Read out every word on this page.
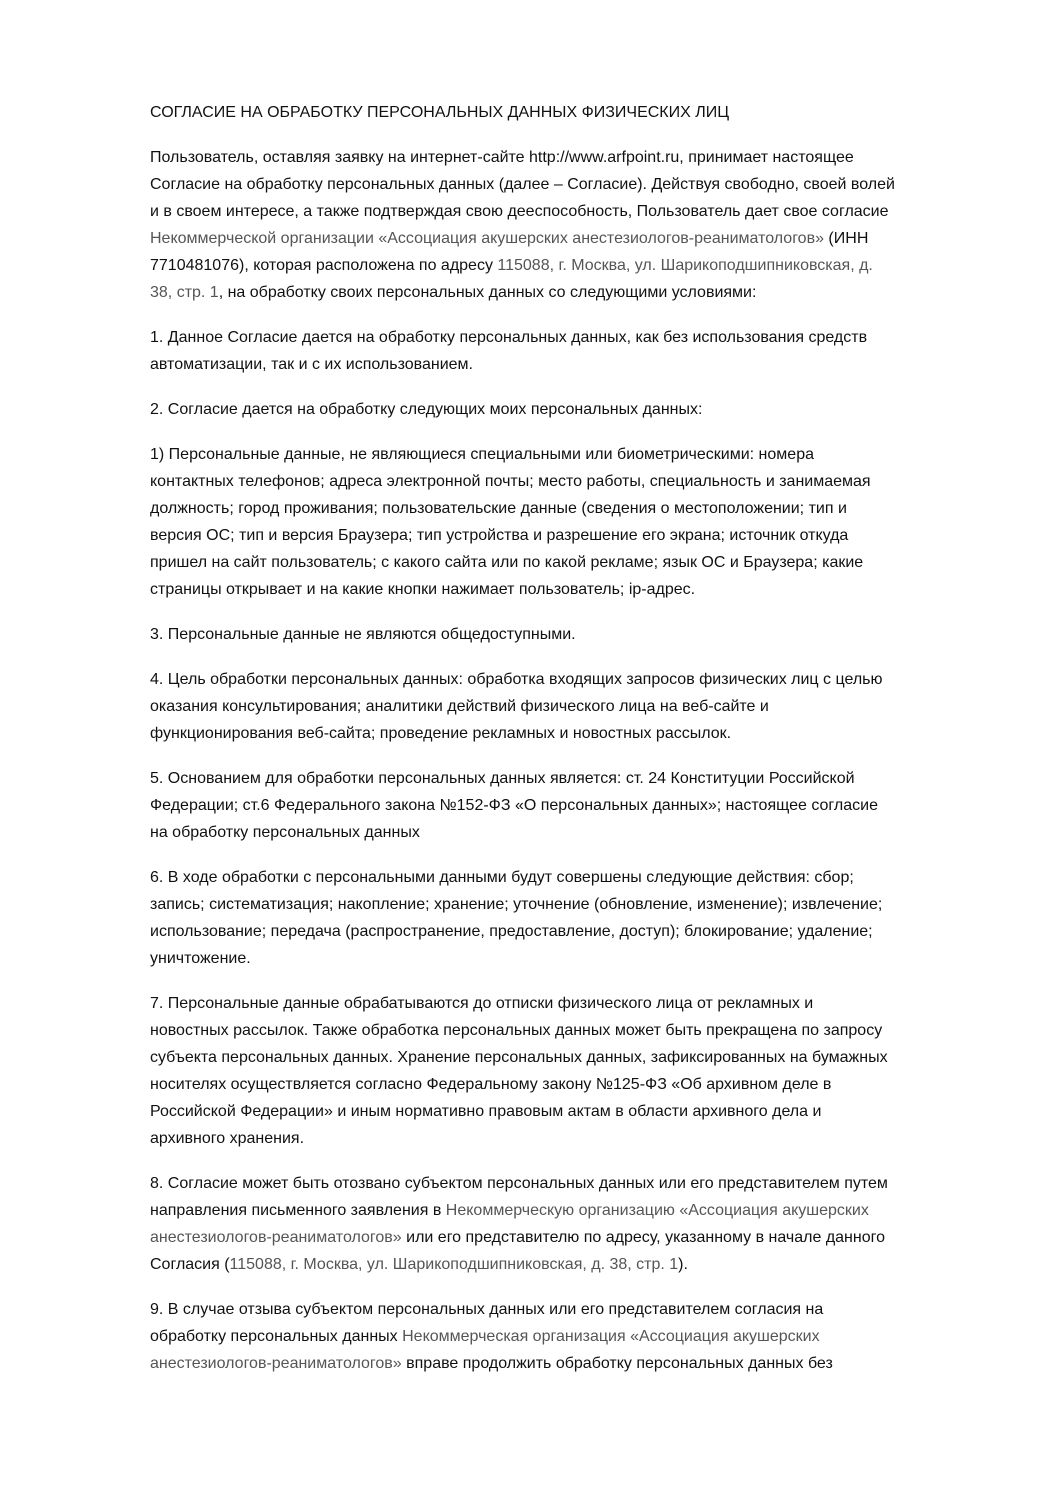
СОГЛАСИЕ НА ОБРАБОТКУ ПЕРСОНАЛЬНЫХ ДАННЫХ ФИЗИЧЕСКИХ ЛИЦ
Пользователь, оставляя заявку на интернет-сайте http://www.arfpoint.ru, принимает настоящее
Согласие на обработку персональных данных (далее – Согласие). Действуя свободно, своей волей
и в своем интересе, а также подтверждая свою дееспособность, Пользователь дает свое согласие
Некоммерческой организации «Ассоциация акушерских анестезиологов-реаниматологов» (ИНН
7710481076), которая расположена по адресу 115088, г. Москва, ул. Шарикоподшипниковская, д.
38, стр. 1, на обработку своих персональных данных со следующими условиями:
1. Данное Согласие дается на обработку персональных данных, как без использования средств
автоматизации, так и с их использованием.
2. Согласие дается на обработку следующих моих персональных данных:
1) Персональные данные, не являющиеся специальными или биометрическими: номера
контактных телефонов; адреса электронной почты; место работы, специальность и занимаемая
должность; город проживания; пользовательские данные (сведения о местоположении; тип и
версия ОС; тип и версия Браузера; тип устройства и разрешение его экрана; источник откуда
пришел на сайт пользователь; с какого сайта или по какой рекламе; язык ОС и Браузера; какие
страницы открывает и на какие кнопки нажимает пользователь; ip-адрес.
3. Персональные данные не являются общедоступными.
4. Цель обработки персональных данных: обработка входящих запросов физических лиц с целью
оказания консультирования; аналитики действий физического лица на веб-сайте и
функционирования веб-сайта; проведение рекламных и новостных рассылок.
5. Основанием для обработки персональных данных является: ст. 24 Конституции Российской
Федерации; ст.6 Федерального закона №152-ФЗ «О персональных данных»; настоящее согласие
на обработку персональных данных
6. В ходе обработки с персональными данными будут совершены следующие действия: сбор;
запись; систематизация; накопление; хранение; уточнение (обновление, изменение); извлечение;
использование; передача (распространение, предоставление, доступ); блокирование; удаление;
уничтожение.
7. Персональные данные обрабатываются до отписки физического лица от рекламных и
новостных рассылок. Также обработка персональных данных может быть прекращена по запросу
субъекта персональных данных. Хранение персональных данных, зафиксированных на бумажных
носителях осуществляется согласно Федеральному закону №125-ФЗ «Об архивном деле в
Российской Федерации» и иным нормативно правовым актам в области архивного дела и
архивного хранения.
8. Согласие может быть отозвано субъектом персональных данных или его представителем путем
направления письменного заявления в Некоммерческую организацию «Ассоциация акушерских
анестезиологов-реаниматологов» или его представителю по адресу, указанному в начале данного
Согласия (115088, г. Москва, ул. Шарикоподшипниковская, д. 38, стр. 1).
9. В случае отзыва субъектом персональных данных или его представителем согласия на
обработку персональных данных Некоммерческая организация «Ассоциация акушерских
анестезиологов-реаниматологов» вправе продолжить обработку персональных данных без
